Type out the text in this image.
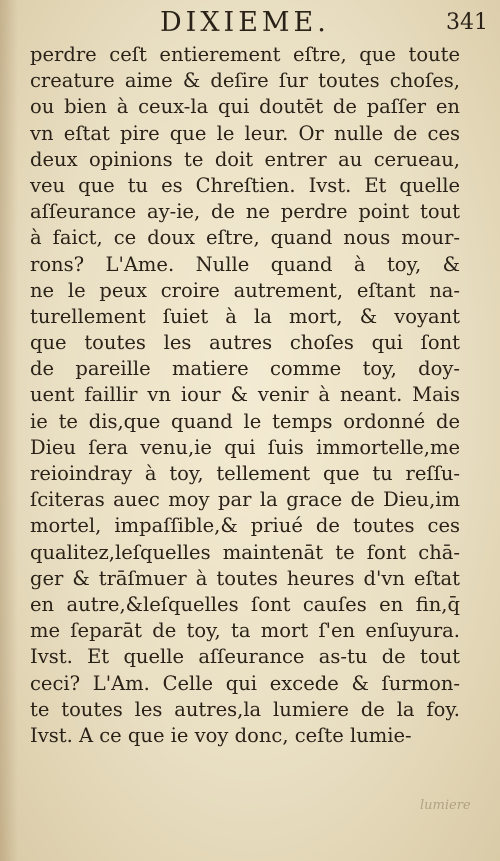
DIXIEME.	341
perdre ceſt entierement eſtre, que toute
creature aime & deſire ſur toutes choſes,
ou bien à ceux-la qui doutēt de paſſer en
vn eſtat pire que le leur. Or nulle de ces
deux opinions te doit entrer au cerueau,
veu que tu es Chreſtien. Ivst. Et quelle
aſſeurance ay-ie, de ne perdre point tout
à faict, ce doux eſtre, quand nous mour-
rons? L'Ame. Nulle quand à toy, &
ne le peux croire autrement, eſtant na-
turellement ſuiet à la mort, & voyant
que toutes les autres choſes qui ſont
de pareille matiere comme toy, doy-
uent faillir vn iour & venir à neant. Mais
ie te dis,que quand le temps ordonné de
Dieu ſera venu,ie qui ſuis immortelle,me
reioindray à toy, tellement que tu reſſu-
ſciteras auec moy par la grace de Dieu,im
mortel, impaſſible,& priué de toutes ces
qualitez,leſquelles maintenāt te font chā-
ger & trāſmuer à toutes heures d'vn eſtat
en autre,&leſquelles ſont cauſes en fin,q̄
me ſeparāt de toy, ta mort ſ'en enſuyura.
Ivst. Et quelle aſſeurance as-tu de tout
ceci? L'Am. Celle qui excede & ſurmon-
te toutes les autres,la lumiere de la foy.
Ivst. A ce que ie voy donc, ceſte lumie-
lumiere
